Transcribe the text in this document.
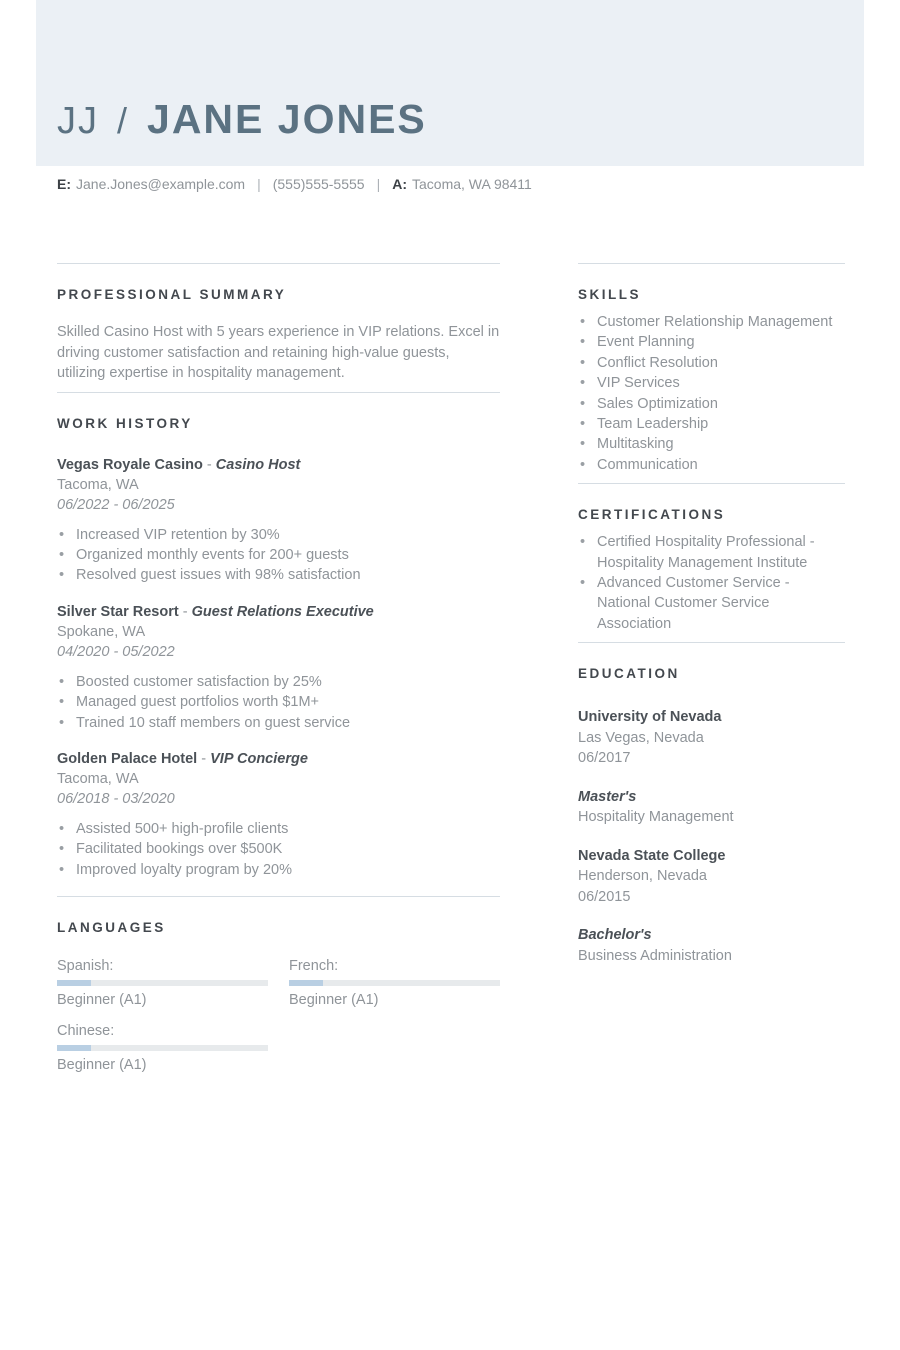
JJ / JANE JONES
E: Jane.Jones@example.com | (555)555-5555 | A: Tacoma, WA 98411
PROFESSIONAL SUMMARY
Skilled Casino Host with 5 years experience in VIP relations. Excel in driving customer satisfaction and retaining high-value guests, utilizing expertise in hospitality management.
WORK HISTORY
Vegas Royale Casino - Casino Host
Tacoma, WA
06/2022 - 06/2025
• Increased VIP retention by 30%
• Organized monthly events for 200+ guests
• Resolved guest issues with 98% satisfaction
Silver Star Resort - Guest Relations Executive
Spokane, WA
04/2020 - 05/2022
• Boosted customer satisfaction by 25%
• Managed guest portfolios worth $1M+
• Trained 10 staff members on guest service
Golden Palace Hotel - VIP Concierge
Tacoma, WA
06/2018 - 03/2020
• Assisted 500+ high-profile clients
• Facilitated bookings over $500K
• Improved loyalty program by 20%
LANGUAGES
Spanish:
Beginner (A1)
French:
Beginner (A1)
Chinese:
Beginner (A1)
SKILLS
• Customer Relationship Management
• Event Planning
• Conflict Resolution
• VIP Services
• Sales Optimization
• Team Leadership
• Multitasking
• Communication
CERTIFICATIONS
• Certified Hospitality Professional - Hospitality Management Institute
• Advanced Customer Service - National Customer Service Association
EDUCATION
University of Nevada
Las Vegas, Nevada
06/2017
Master's
Hospitality Management
Nevada State College
Henderson, Nevada
06/2015
Bachelor's
Business Administration
